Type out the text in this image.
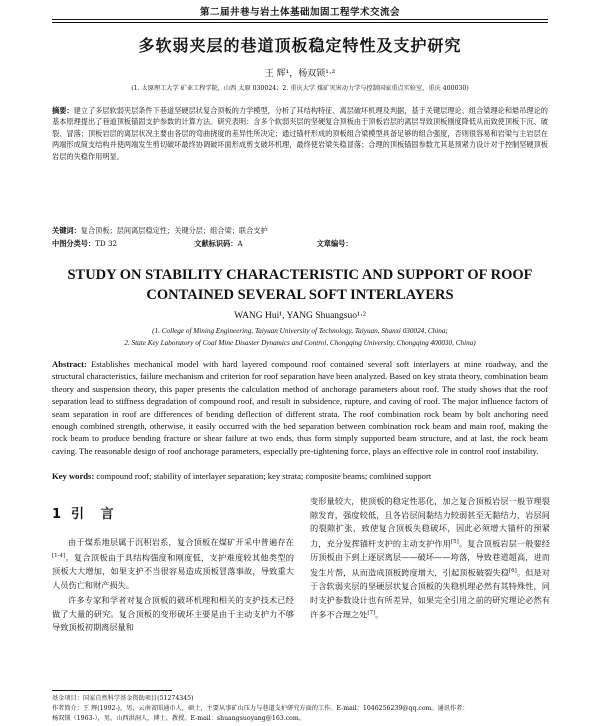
第二届井巷与岩土体基础加固工程学术交流会
多软弱夹层的巷道顶板稳定特性及支护研究
王 辉¹，杨双锁¹·²
(1. 太原理工大学 矿业工程学院，山西 太原 030024；2. 重庆大学 煤矿灾害动力学与控制国家重点实验室，重庆 400030)
摘要：建立了多层软弱夹层条件下巷道坚硬层状复合顶板的力学模型，分析了其结构特征、离层破坏机理及判据，基于关键层理论、组合梁理论和悬吊理论的基本原理提出了巷道顶板锚固支护参数的计算方法。研究表明：含多个软弱夹层的坚硬复合顶板由于顶板岩层的离层导致顶板刚度降低从而致使顶板下沉、破裂、冒落；顶板岩层的离层状况主要由各层的弯曲挠度的差异性所决定；通过锚杆形成的顶板组合梁模型具备足够的组合强度，否则很容易和岩梁与主岩层在两端形成简支结构并使两端发生剪切破坏最终协调破坏面形成剪支破坏机理，最终使岩梁失稳冒落；合理的顶板锚固参数尤其是预紧力设计对于控制坚硬顶板岩层的失稳作用明显。
关键词：复合顶板；层间离层稳定性；关键分层；组合梁；联合支护
中图分类号：TD 32	文献标识码：A	文章编号：
STUDY ON STABILITY CHARACTERISTIC AND SUPPORT OF ROOF
CONTAINED SEVERAL SOFT INTERLAYERS
WANG Hui¹, YANG Shuangsuo¹·²
(1. College of Mining Engineering, Taiyuan University of Technology, Taiyuan, Shanxi 030024, China;
2. State Key Laboratory of Coal Mine Disaster Dynamics and Control, Chongqing University, Chongqing 400030, China)
Abstract: Establishes mechanical model with hard layered compound roof contained several soft interlayers at mine roadway, and the structural characteristics, failure mechanism and criterion for roof separation have been analyzed. Based on key strata theory, combination beam theory and suspension theory, this paper presents the calculation method of anchorage parameters about roof. The study shows that the roof separation lead to stiffness degradation of compound roof, and result in subsidence, rupture, and caving of roof. The major influence factors of seam separation in roof are differences of bending deflection of different strata. The roof combination rock beam by bolt anchoring need enough combined strength, otherwise, it easily occurred with the bed separation between combination rock beam and main roof, making the rock beam to produce bending fracture or shear failure at two ends, thus form simply supported beam structure, and at last, the rock beam caving. The reasonable design of roof anchorage parameters, especially pre-tightening force, plays an effective role in control roof instability.
Key words: compound roof; stability of interlayer separation; key strata; composite beams; combined support
1引 言

由于煤系地层属于沉积岩系，复合顶板在煤矿开采中普遍存在[1-4]。复合顶板由于具结构强度和刚度低，支护难度较其他类型的顶板大大增加，如果支护不当很容易造成顶板冒落事故，导致重大人员伤亡和财产损失。

许多专家和学者对复合顶板的破坏机理和相关的支护技术已经做了大量的研究。复合顶板的变形破坏主要是由于主动支护力不够导致顶板初期离层量和

变形量较大，使顶板的稳定性恶化，加之复合顶板岩层一般节理裂隙发育，强度较低，且各岩层间黏结力较弱甚至无黏结力，岩层间的裂隙扩张，致使复合顶板失稳破坏，因此必须增大锚杆的预紧力，充分发挥锚杆支护的主动支护作用[5]。复合顶板岩层一般要经历顶板由下到上逐层离层——破坏——垮落，导致巷道超高，进而发生片帮，从而造成顶板跨度增大，引起顶板破裂失稳[6]。但是对于含软弱夹层的坚硬层状复合顶板的失稳机理必然有其特殊性，同时支护参数设计也有所差异，如果完全引用之前的研究理论必然有许多不合理之处[7]。

基金项目：国家自然科学基金资助项目(51274345)

作者简介：王 辉(1992-)，男，云南省昭通市人，硕士，主要从事矿山压力与巷道支护研究方面的工作。E-mail：1046256239@qq.com。通讯作者：

杨双锁（1963-），男，山西洪洞人，博士，教授。E-mail：shuangsuoyang@163.com。
